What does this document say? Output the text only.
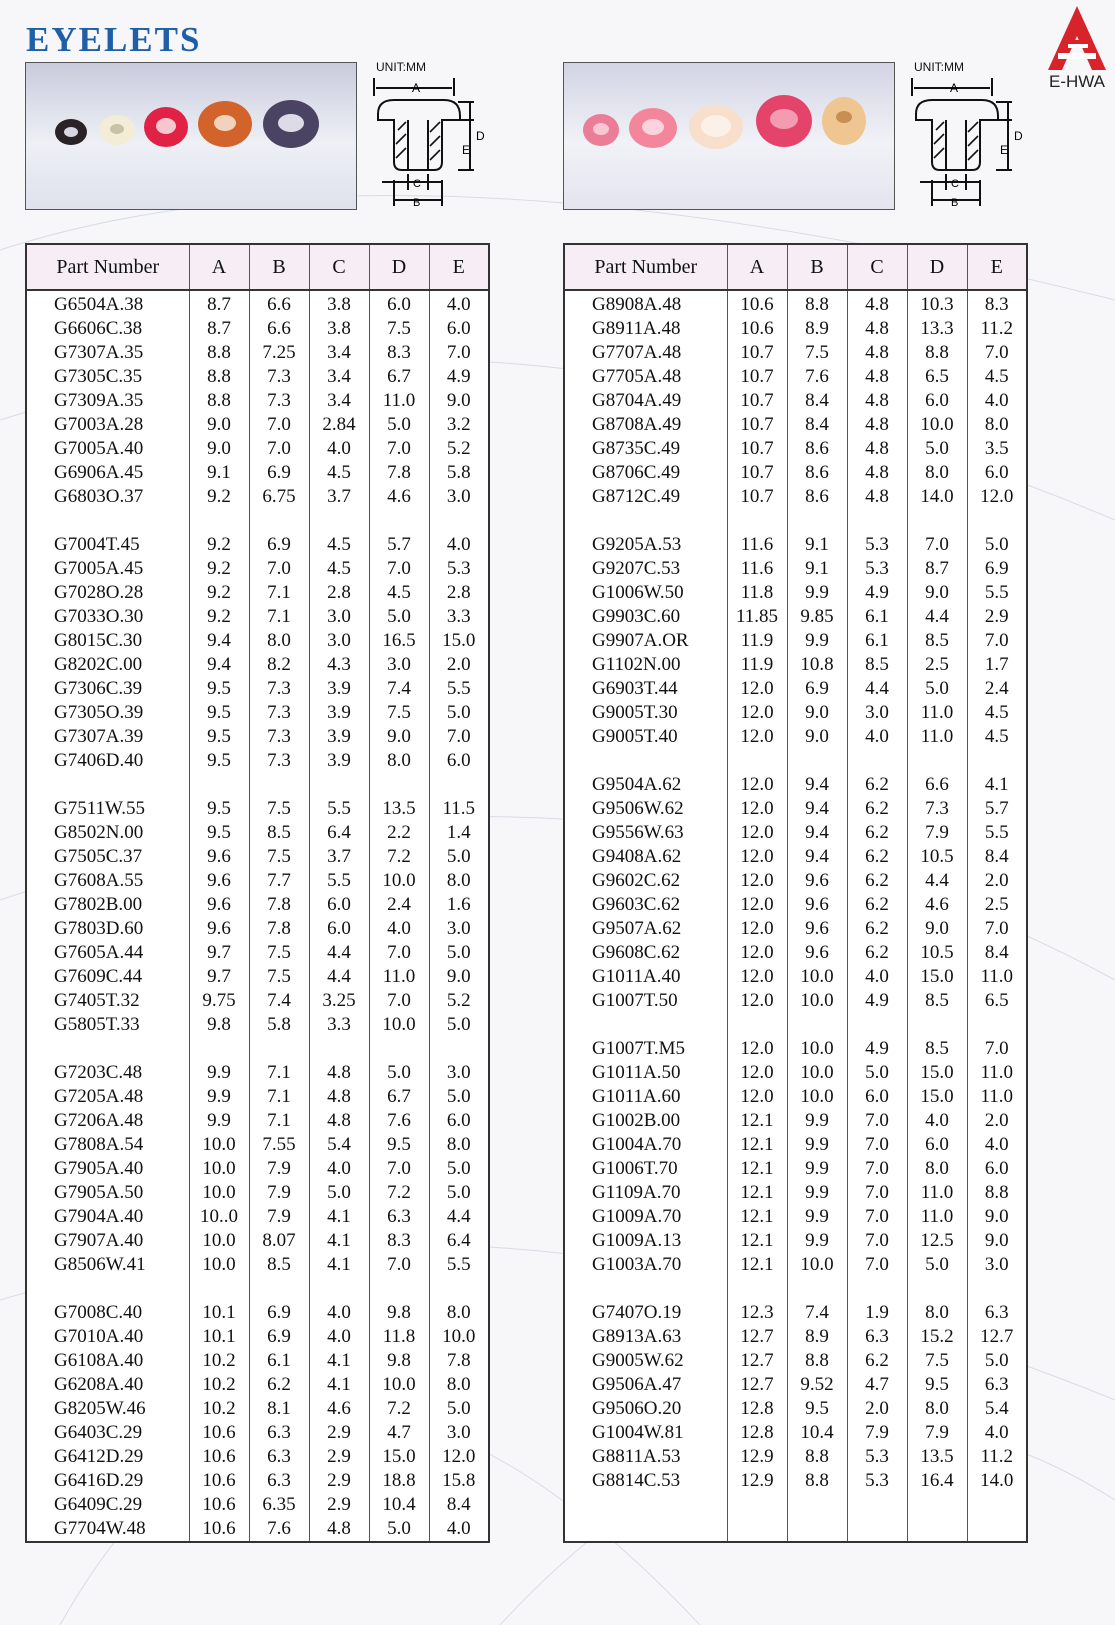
EYELETS
E-HWA
UNIT:MM
A
D
E
C
B
UNIT:MM
A
D
E
C
B
Part Number	A	B	C	D	E
G6504A.38	8.7	6.6	3.8	6.0	4.0
G6606C.38	8.7	6.6	3.8	7.5	6.0
G7307A.35	8.8	7.25	3.4	8.3	7.0
G7305C.35	8.8	7.3	3.4	6.7	4.9
G7309A.35	8.8	7.3	3.4	11.0	9.0
G7003A.28	9.0	7.0	2.84	5.0	3.2
G7005A.40	9.0	7.0	4.0	7.0	5.2
G6906A.45	9.1	6.9	4.5	7.8	5.8
G6803O.37	9.2	6.75	3.7	4.6	3.0

G7004T.45	9.2	6.9	4.5	5.7	4.0
G7005A.45	9.2	7.0	4.5	7.0	5.3
G7028O.28	9.2	7.1	2.8	4.5	2.8
G7033O.30	9.2	7.1	3.0	5.0	3.3
G8015C.30	9.4	8.0	3.0	16.5	15.0
G8202C.00	9.4	8.2	4.3	3.0	2.0
G7306C.39	9.5	7.3	3.9	7.4	5.5
G7305O.39	9.5	7.3	3.9	7.5	5.0
G7307A.39	9.5	7.3	3.9	9.0	7.0
G7406D.40	9.5	7.3	3.9	8.0	6.0

G7511W.55	9.5	7.5	5.5	13.5	11.5
G8502N.00	9.5	8.5	6.4	2.2	1.4
G7505C.37	9.6	7.5	3.7	7.2	5.0
G7608A.55	9.6	7.7	5.5	10.0	8.0
G7802B.00	9.6	7.8	6.0	2.4	1.6
G7803D.60	9.6	7.8	6.0	4.0	3.0
G7605A.44	9.7	7.5	4.4	7.0	5.0
G7609C.44	9.7	7.5	4.4	11.0	9.0
G7405T.32	9.75	7.4	3.25	7.0	5.2
G5805T.33	9.8	5.8	3.3	10.0	5.0

G7203C.48	9.9	7.1	4.8	5.0	3.0
G7205A.48	9.9	7.1	4.8	6.7	5.0
G7206A.48	9.9	7.1	4.8	7.6	6.0
G7808A.54	10.0	7.55	5.4	9.5	8.0
G7905A.40	10.0	7.9	4.0	7.0	5.0
G7905A.50	10.0	7.9	5.0	7.2	5.0
G7904A.40	10..0	7.9	4.1	6.3	4.4
G7907A.40	10.0	8.07	4.1	8.3	6.4
G8506W.41	10.0	8.5	4.1	7.0	5.5

G7008C.40	10.1	6.9	4.0	9.8	8.0
G7010A.40	10.1	6.9	4.0	11.8	10.0
G6108A.40	10.2	6.1	4.1	9.8	7.8
G6208A.40	10.2	6.2	4.1	10.0	8.0
G8205W.46	10.2	8.1	4.6	7.2	5.0
G6403C.29	10.6	6.3	2.9	4.7	3.0
G6412D.29	10.6	6.3	2.9	15.0	12.0
G6416D.29	10.6	6.3	2.9	18.8	15.8
G6409C.29	10.6	6.35	2.9	10.4	8.4
G7704W.48	10.6	7.6	4.8	5.0	4.0
Part Number	A	B	C	D	E
G8908A.48	10.6	8.8	4.8	10.3	8.3
G8911A.48	10.6	8.9	4.8	13.3	11.2
G7707A.48	10.7	7.5	4.8	8.8	7.0
G7705A.48	10.7	7.6	4.8	6.5	4.5
G8704A.49	10.7	8.4	4.8	6.0	4.0
G8708A.49	10.7	8.4	4.8	10.0	8.0
G8735C.49	10.7	8.6	4.8	5.0	3.5
G8706C.49	10.7	8.6	4.8	8.0	6.0
G8712C.49	10.7	8.6	4.8	14.0	12.0

G9205A.53	11.6	9.1	5.3	7.0	5.0
G9207C.53	11.6	9.1	5.3	8.7	6.9
G1006W.50	11.8	9.9	4.9	9.0	5.5
G9903C.60	11.85	9.85	6.1	4.4	2.9
G9907A.OR	11.9	9.9	6.1	8.5	7.0
G1102N.00	11.9	10.8	8.5	2.5	1.7
G6903T.44	12.0	6.9	4.4	5.0	2.4
G9005T.30	12.0	9.0	3.0	11.0	4.5
G9005T.40	12.0	9.0	4.0	11.0	4.5

G9504A.62	12.0	9.4	6.2	6.6	4.1
G9506W.62	12.0	9.4	6.2	7.3	5.7
G9556W.63	12.0	9.4	6.2	7.9	5.5
G9408A.62	12.0	9.4	6.2	10.5	8.4
G9602C.62	12.0	9.6	6.2	4.4	2.0
G9603C.62	12.0	9.6	6.2	4.6	2.5
G9507A.62	12.0	9.6	6.2	9.0	7.0
G9608C.62	12.0	9.6	6.2	10.5	8.4
G1011A.40	12.0	10.0	4.0	15.0	11.0
G1007T.50	12.0	10.0	4.9	8.5	6.5

G1007T.M5	12.0	10.0	4.9	8.5	7.0
G1011A.50	12.0	10.0	5.0	15.0	11.0
G1011A.60	12.0	10.0	6.0	15.0	11.0
G1002B.00	12.1	9.9	7.0	4.0	2.0
G1004A.70	12.1	9.9	7.0	6.0	4.0
G1006T.70	12.1	9.9	7.0	8.0	6.0
G1109A.70	12.1	9.9	7.0	11.0	8.8
G1009A.70	12.1	9.9	7.0	11.0	9.0
G1009A.13	12.1	9.9	7.0	12.5	9.0
G1003A.70	12.1	10.0	7.0	5.0	3.0

G7407O.19	12.3	7.4	1.9	8.0	6.3
G8913A.63	12.7	8.9	6.3	15.2	12.7
G9005W.62	12.7	8.8	6.2	7.5	5.0
G9506A.47	12.7	9.52	4.7	9.5	6.3
G9506O.20	12.8	9.5	2.0	8.0	5.4
G1004W.81	12.8	10.4	7.9	7.9	4.0
G8811A.53	12.9	8.8	5.3	13.5	11.2
G8814C.53	12.9	8.8	5.3	16.4	14.0
